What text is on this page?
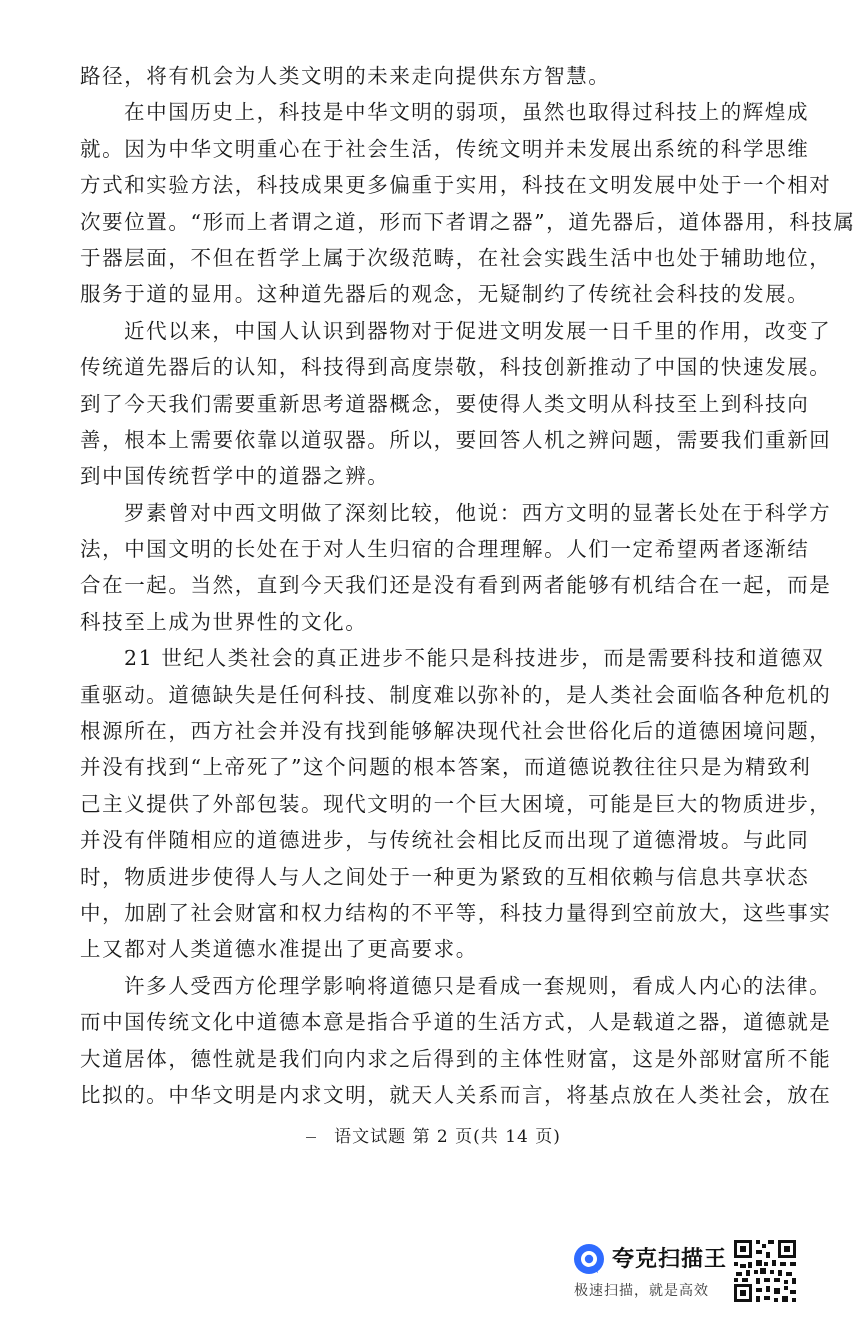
路径，将有机会为人类文明的未来走向提供东方智慧。
在中国历史上，科技是中华文明的弱项，虽然也取得过科技上的辉煌成
就。因为中华文明重心在于社会生活，传统文明并未发展出系统的科学思维
方式和实验方法，科技成果更多偏重于实用，科技在文明发展中处于一个相对
次要位置。“形而上者谓之道，形而下者谓之器”，道先器后，道体器用，科技属
于器层面，不但在哲学上属于次级范畴，在社会实践生活中也处于辅助地位，
服务于道的显用。这种道先器后的观念，无疑制约了传统社会科技的发展。
近代以来，中国人认识到器物对于促进文明发展一日千里的作用，改变了
传统道先器后的认知，科技得到高度崇敬，科技创新推动了中国的快速发展。
到了今天我们需要重新思考道器概念，要使得人类文明从科技至上到科技向
善，根本上需要依靠以道驭器。所以，要回答人机之辨问题，需要我们重新回
到中国传统哲学中的道器之辨。
罗素曾对中西文明做了深刻比较，他说：西方文明的显著长处在于科学方
法，中国文明的长处在于对人生归宿的合理理解。人们一定希望两者逐渐结
合在一起。当然，直到今天我们还是没有看到两者能够有机结合在一起，而是
科技至上成为世界性的文化。
21 世纪人类社会的真正进步不能只是科技进步，而是需要科技和道德双
重驱动。道德缺失是任何科技、制度难以弥补的，是人类社会面临各种危机的
根源所在，西方社会并没有找到能够解决现代社会世俗化后的道德困境问题，
并没有找到“上帝死了”这个问题的根本答案，而道德说教往往只是为精致利
己主义提供了外部包装。现代文明的一个巨大困境，可能是巨大的物质进步，
并没有伴随相应的道德进步，与传统社会相比反而出现了道德滑坡。与此同
时，物质进步使得人与人之间处于一种更为紧致的互相依赖与信息共享状态
中，加剧了社会财富和权力结构的不平等，科技力量得到空前放大，这些事实
上又都对人类道德水准提出了更高要求。
许多人受西方伦理学影响将道德只是看成一套规则，看成人内心的法律。
而中国传统文化中道德本意是指合乎道的生活方式，人是载道之器，道德就是
大道居体，德性就是我们向内求之后得到的主体性财富，这是外部财富所不能
比拟的。中华文明是内求文明，就天人关系而言，将基点放在人类社会，放在
语文试题 第 2 页(共 14 页)
夸克扫描王
极速扫描，就是高效
